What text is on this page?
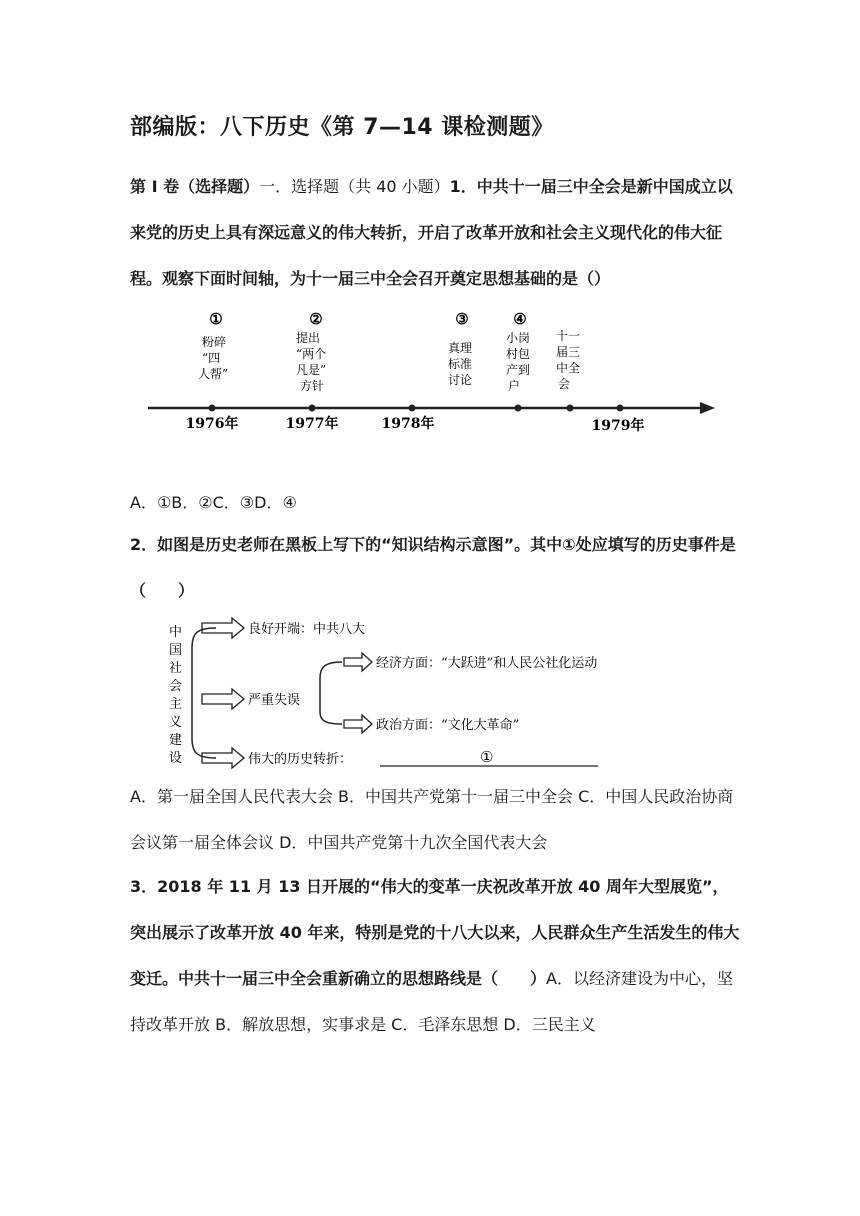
部编版：八下历史《第 7—14 课检测题》

第 I 卷（选择题）一．选择题（共 40 小题）1．中共十一届三中全会是新中国成立以来党的历史上具有深远意义的伟大转折，开启了改革开放和社会主义现代化的伟大征程。观察下面时间轴，为十一届三中全会召开奠定思想基础的是（）

1976年	1977年	1978年	1979年
①
粉碎
“四
人帮”
②
提出
“两个
凡是”
方针
③
真理
标准
讨论
④
小岗
村包
产到
户
十一
届三
中全
会

A．①B．②C．③D．④

2．如图是历史老师在黑板上写下的“知识结构示意图”。其中①处应填写的历史事件是（　　）

中
国
社
会
主
义
建
设
良好开端：中共八大
严重失误
经济方面：“大跃进”和人民公社化运动
政治方面：“文化大革命”
伟大的历史转折：	①

A．第一届全国人民代表大会 B．中国共产党第十一届三中全会 C．中国人民政治协商会议第一届全体会议 D．中国共产党第十九次全国代表大会

3．2018 年 11 月 13 日开展的“伟大的变革一庆祝改革开放 40 周年大型展览”，突出展示了改革开放 40 年来，特别是党的十八大以来，人民群众生产生活发生的伟大变迁。中共十一届三中全会重新确立的思想路线是（　　）A．以经济建设为中心，坚持改革开放 B．解放思想，实事求是 C．毛泽东思想 D．三民主义
